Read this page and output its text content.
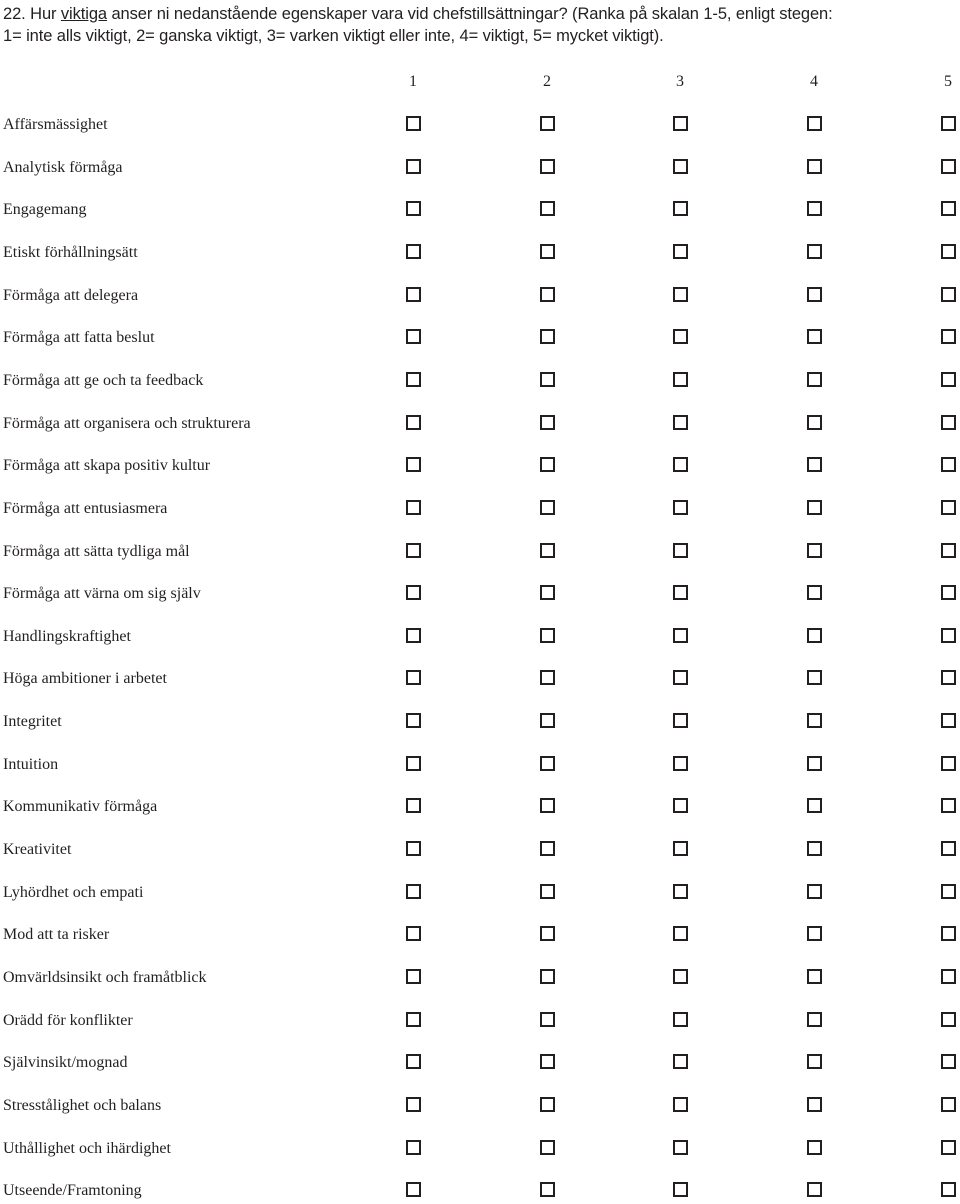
22. Hur viktiga anser ni nedanstående egenskaper vara vid chefstillsättningar? (Ranka på skalan 1-5, enligt stegen:
1= inte alls viktigt, 2= ganska viktigt, 3= varken viktigt eller inte, 4= viktigt, 5= mycket viktigt).
1	2	3	4	5
Affärsmässighet
Analytisk förmåga
Engagemang
Etiskt förhållningsätt
Förmåga att delegera
Förmåga att fatta beslut
Förmåga att ge och ta feedback
Förmåga att organisera och strukturera
Förmåga att skapa positiv kultur
Förmåga att entusiasmera
Förmåga att sätta tydliga mål
Förmåga att värna om sig själv
Handlingskraftighet
Höga ambitioner i arbetet
Integritet
Intuition
Kommunikativ förmåga
Kreativitet
Lyhördhet och empati
Mod att ta risker
Omvärldsinsikt och framåtblick
Orädd för konflikter
Självinsikt/mognad
Stresstålighet och balans
Uthållighet och ihärdighet
Utseende/Framtoning
